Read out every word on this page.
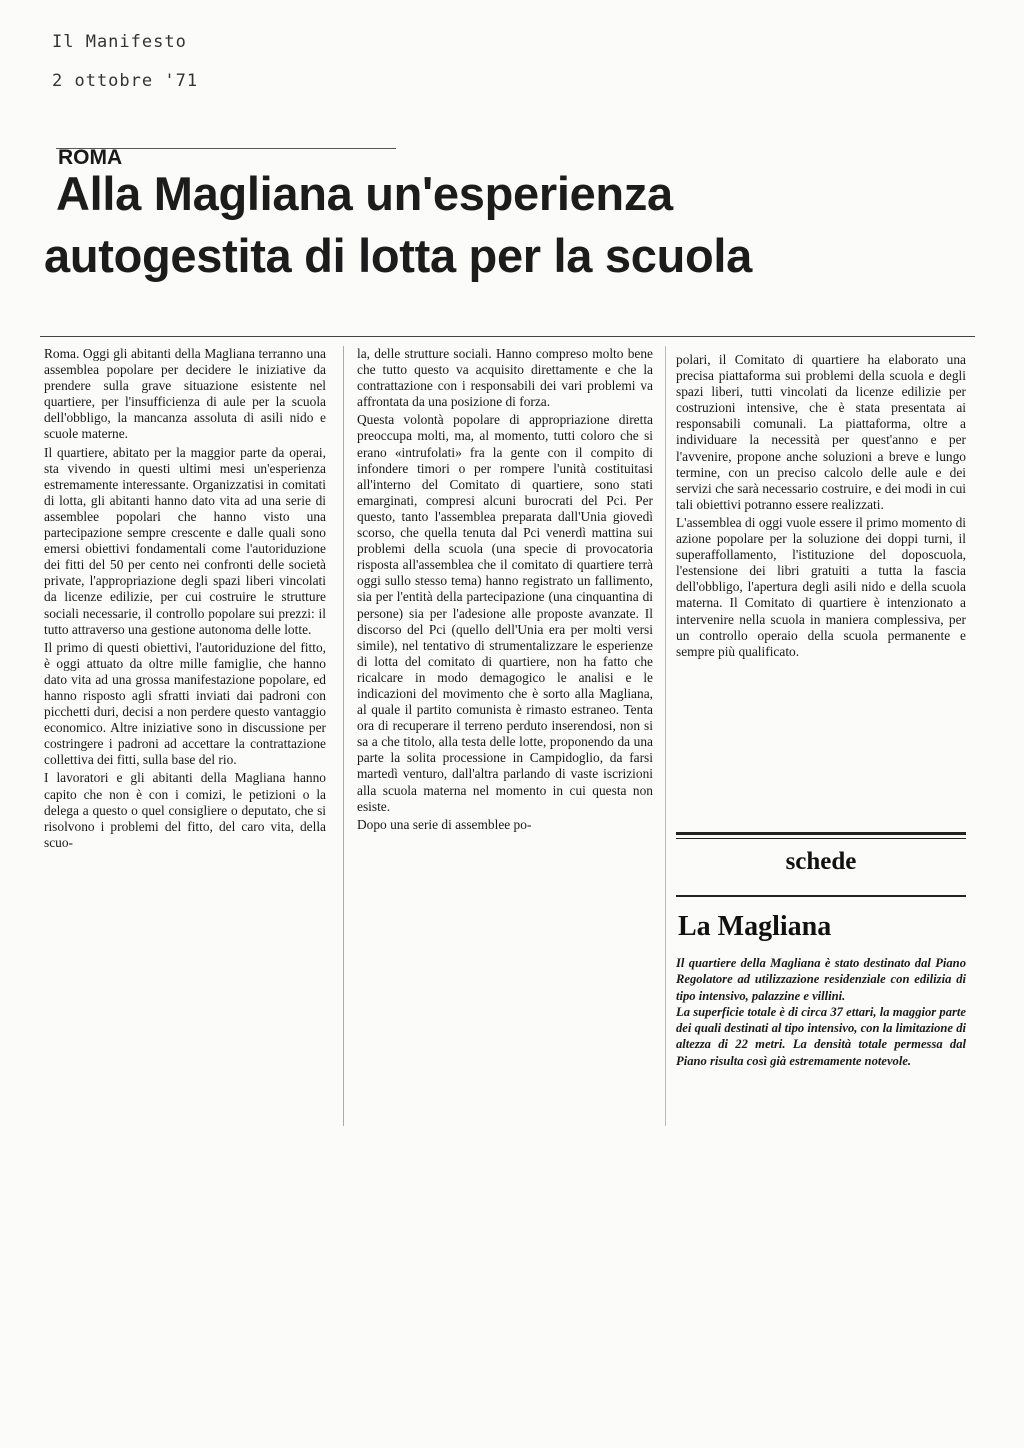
Il Manifesto
2 ottobre '71
ROMA
Alla Magliana un'esperienza
autogestita di lotta per la scuola

Roma. Oggi gli abitanti della Magliana terranno una assemblea popolare per decidere le iniziative da prendere sulla grave situazione esistente nel quartiere, per l'insufficienza di aule per la scuola dell'obbligo, la mancanza assoluta di asili nido e scuole materne.

Il quartiere, abitato per la maggior parte da operai, sta vivendo in questi ultimi mesi un'esperienza estremamente interessante. Organizzatisi in comitati di lotta, gli abitanti hanno dato vita ad una serie di assemblee popolari che hanno visto una partecipazione sempre crescente e dalle quali sono emersi obiettivi fondamentali come l'autoriduzione dei fitti del 50 per cento nei confronti delle società private, l'appropriazione degli spazi liberi vincolati da licenze edilizie, per cui costruire le strutture sociali necessarie, il controllo popolare sui prezzi: il tutto attraverso una gestione autonoma delle lotte.

Il primo di questi obiettivi, l'autoriduzione del fitto, è oggi attuato da oltre mille famiglie, che hanno dato vita ad una grossa manifestazione popolare, ed hanno risposto agli sfratti inviati dai padroni con picchetti duri, decisi a non perdere questo vantaggio economico. Altre iniziative sono in discussione per costringere i padroni ad accettare la contrattazione collettiva dei fitti, sulla base del rio.

I lavoratori e gli abitanti della Magliana hanno capito che non è con i comizi, le petizioni o la delega a questo o quel consigliere o deputato, che si risolvono i problemi del fitto, del caro vita, della scuo-

la, delle strutture sociali. Hanno compreso molto bene che tutto questo va acquisito direttamente e che la contrattazione con i responsabili dei vari problemi va affrontata da una posizione di forza.

Questa volontà popolare di appropriazione diretta preoccupa molti, ma, al momento, tutti coloro che si erano «intrufolati» fra la gente con il compito di infondere timori o per rompere l'unità costituitasi all'interno del Comitato di quartiere, sono stati emarginati, compresi alcuni burocrati del Pci. Per questo, tanto l'assemblea preparata dall'Unia giovedì scorso, che quella tenuta dal Pci venerdì mattina sui problemi della scuola (una specie di provocatoria risposta all'assemblea che il comitato di quartiere terrà oggi sullo stesso tema) hanno registrato un fallimento, sia per l'entità della partecipazione (una cinquantina di persone) sia per l'adesione alle proposte avanzate. Il discorso del Pci (quello dell'Unia era per molti versi simile), nel tentativo di strumentalizzare le esperienze di lotta del comitato di quartiere, non ha fatto che ricalcare in modo demagogico le analisi e le indicazioni del movimento che è sorto alla Magliana, al quale il partito comunista è rimasto estraneo. Tenta ora di recuperare il terreno perduto inserendosi, non si sa a che titolo, alla testa delle lotte, proponendo da una parte la solita processione in Campidoglio, da farsi martedì venturo, dall'altra parlando di vaste iscrizioni alla scuola materna nel momento in cui questa non esiste.

Dopo una serie di assemblee po-

polari, il Comitato di quartiere ha elaborato una precisa piattaforma sui problemi della scuola e degli spazi liberi, tutti vincolati da licenze edilizie per costruzioni intensive, che è stata presentata ai responsabili comunali. La piattaforma, oltre a individuare la necessità per quest'anno e per l'avvenire, propone anche soluzioni a breve e lungo termine, con un preciso calcolo delle aule e dei servizi che sarà necessario costruire, e dei modi in cui tali obiettivi potranno essere realizzati.

L'assemblea di oggi vuole essere il primo momento di azione popolare per la soluzione dei doppi turni, il superaffollamento, l'istituzione del doposcuola, l'estensione dei libri gratuiti a tutta la fascia dell'obbligo, l'apertura degli asili nido e della scuola materna. Il Comitato di quartiere è intenzionato a intervenire nella scuola in maniera complessiva, per un controllo operaio della scuola permanente e sempre più qualificato.

schede
La Magliana

Il quartiere della Magliana è stato destinato dal Piano Regolatore ad utilizzazione residenziale con edilizia di tipo intensivo, palazzine e villini.

La superficie totale è di circa 37 ettari, la maggior parte dei quali destinati al tipo intensivo, con la limitazione di altezza di 22 metri. La densità totale permessa dal Piano risulta così già estremamente notevole.
